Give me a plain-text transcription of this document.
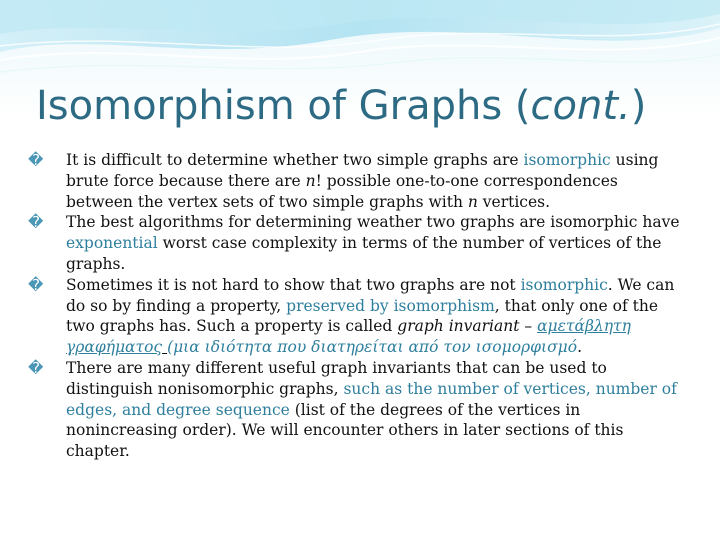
Isomorphism of Graphs (cont.)

� It is difficult to determine whether two simple graphs are isomorphic using brute force because there are n! possible one-to-one correspondences between the vertex sets of two simple graphs with n vertices.

� The best algorithms for determining weather two graphs are isomorphic have exponential worst case complexity in terms of the number of vertices of the graphs.

� Sometimes it is not hard to show that two graphs are not isomorphic. We can do so by finding a property, preserved by isomorphism, that only one of the two graphs has. Such a property is called graph invariant – αμετάβλητη γραφήματος (μια ιδιότητα που διατηρείται από τον ισομορφισμό.

� There are many different useful graph invariants that can be used to distinguish nonisomorphic graphs, such as the number of vertices, number of edges, and degree sequence (list of the degrees of the vertices in nonincreasing order). We will encounter others in later sections of this chapter.
